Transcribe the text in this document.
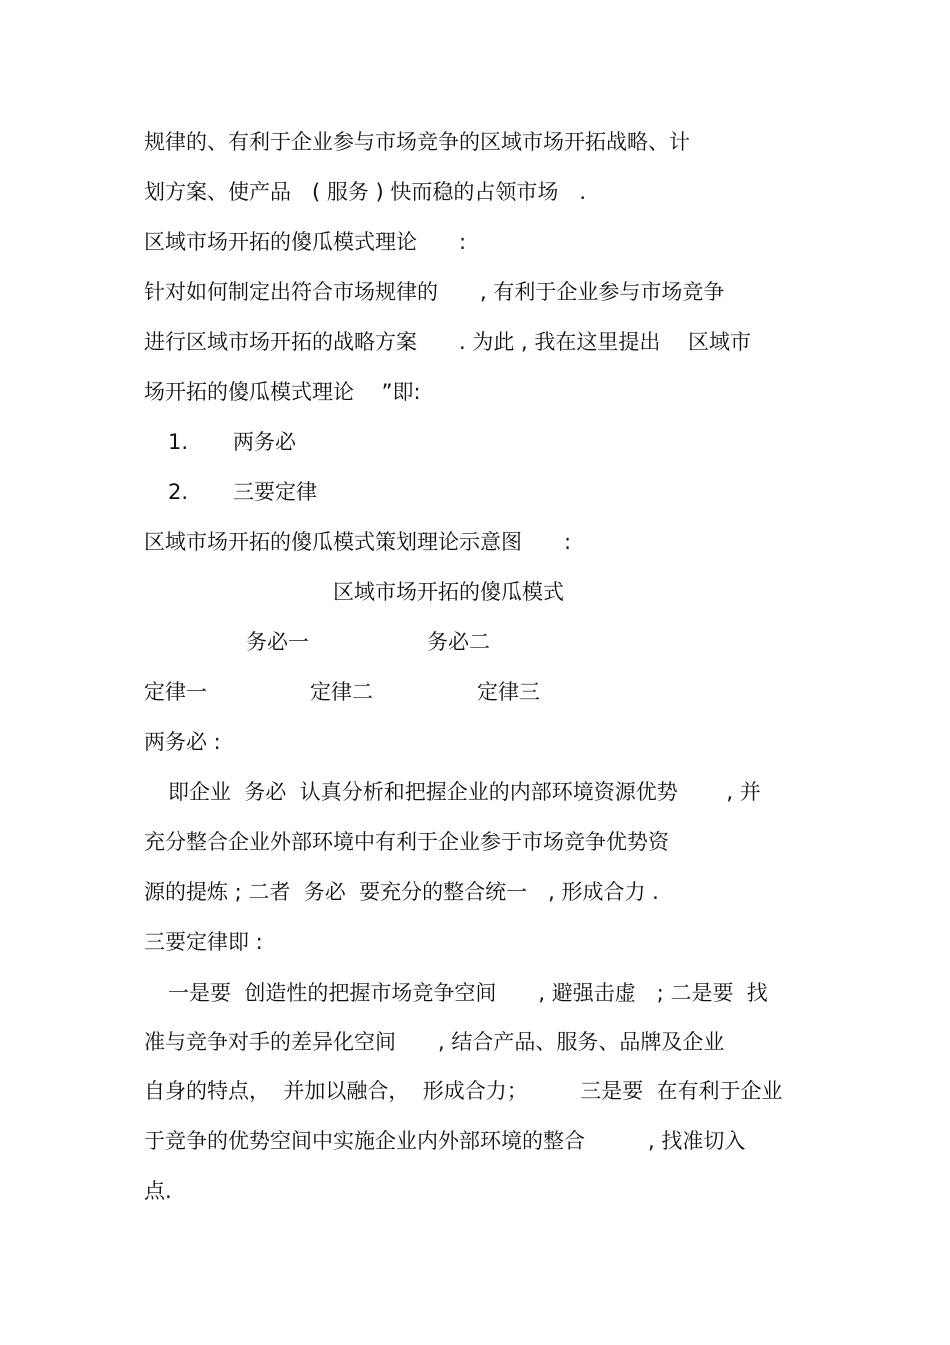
规律的、有利于企业参与市场竞争的区域市场开拓战略、计
划方案、使产品　( 服务 ) 快而稳的占领市场　.
区域市场开拓的傻瓜模式理论　　:
针对如何制定出符合市场规律的　　, 有利于企业参与市场竞争
进行区域市场开拓的战略方案　　. 为此 , 我在这里提出　 区域市
场开拓的傻瓜模式理论　 ”即:
1. 两务必
2. 三要定律
区域市场开拓的傻瓜模式策划理论示意图　　:
区域市场开拓的傻瓜模式
务必一	务必二
定律一	定律二	定律三
两务必 :
即企业  务必  认真分析和把握企业的内部环境资源优势　　 , 并
充分整合企业外部环境中有利于企业参于市场竞争优势资
源的提炼 ; 二者  务必  要充分的整合统一　, 形成合力 .
三要定律即 :
一是要  创造性的把握市场竞争空间　　, 避强击虚　; 二是要  找
准与竞争对手的差异化空间　　, 结合产品、服务、品牌及企业
自身的特点，  并加以融合，  形成合力；　　　三是要  在有利于企业
于竞争的优势空间中实施企业内外部环境的整合　　　, 找准切入
点.
